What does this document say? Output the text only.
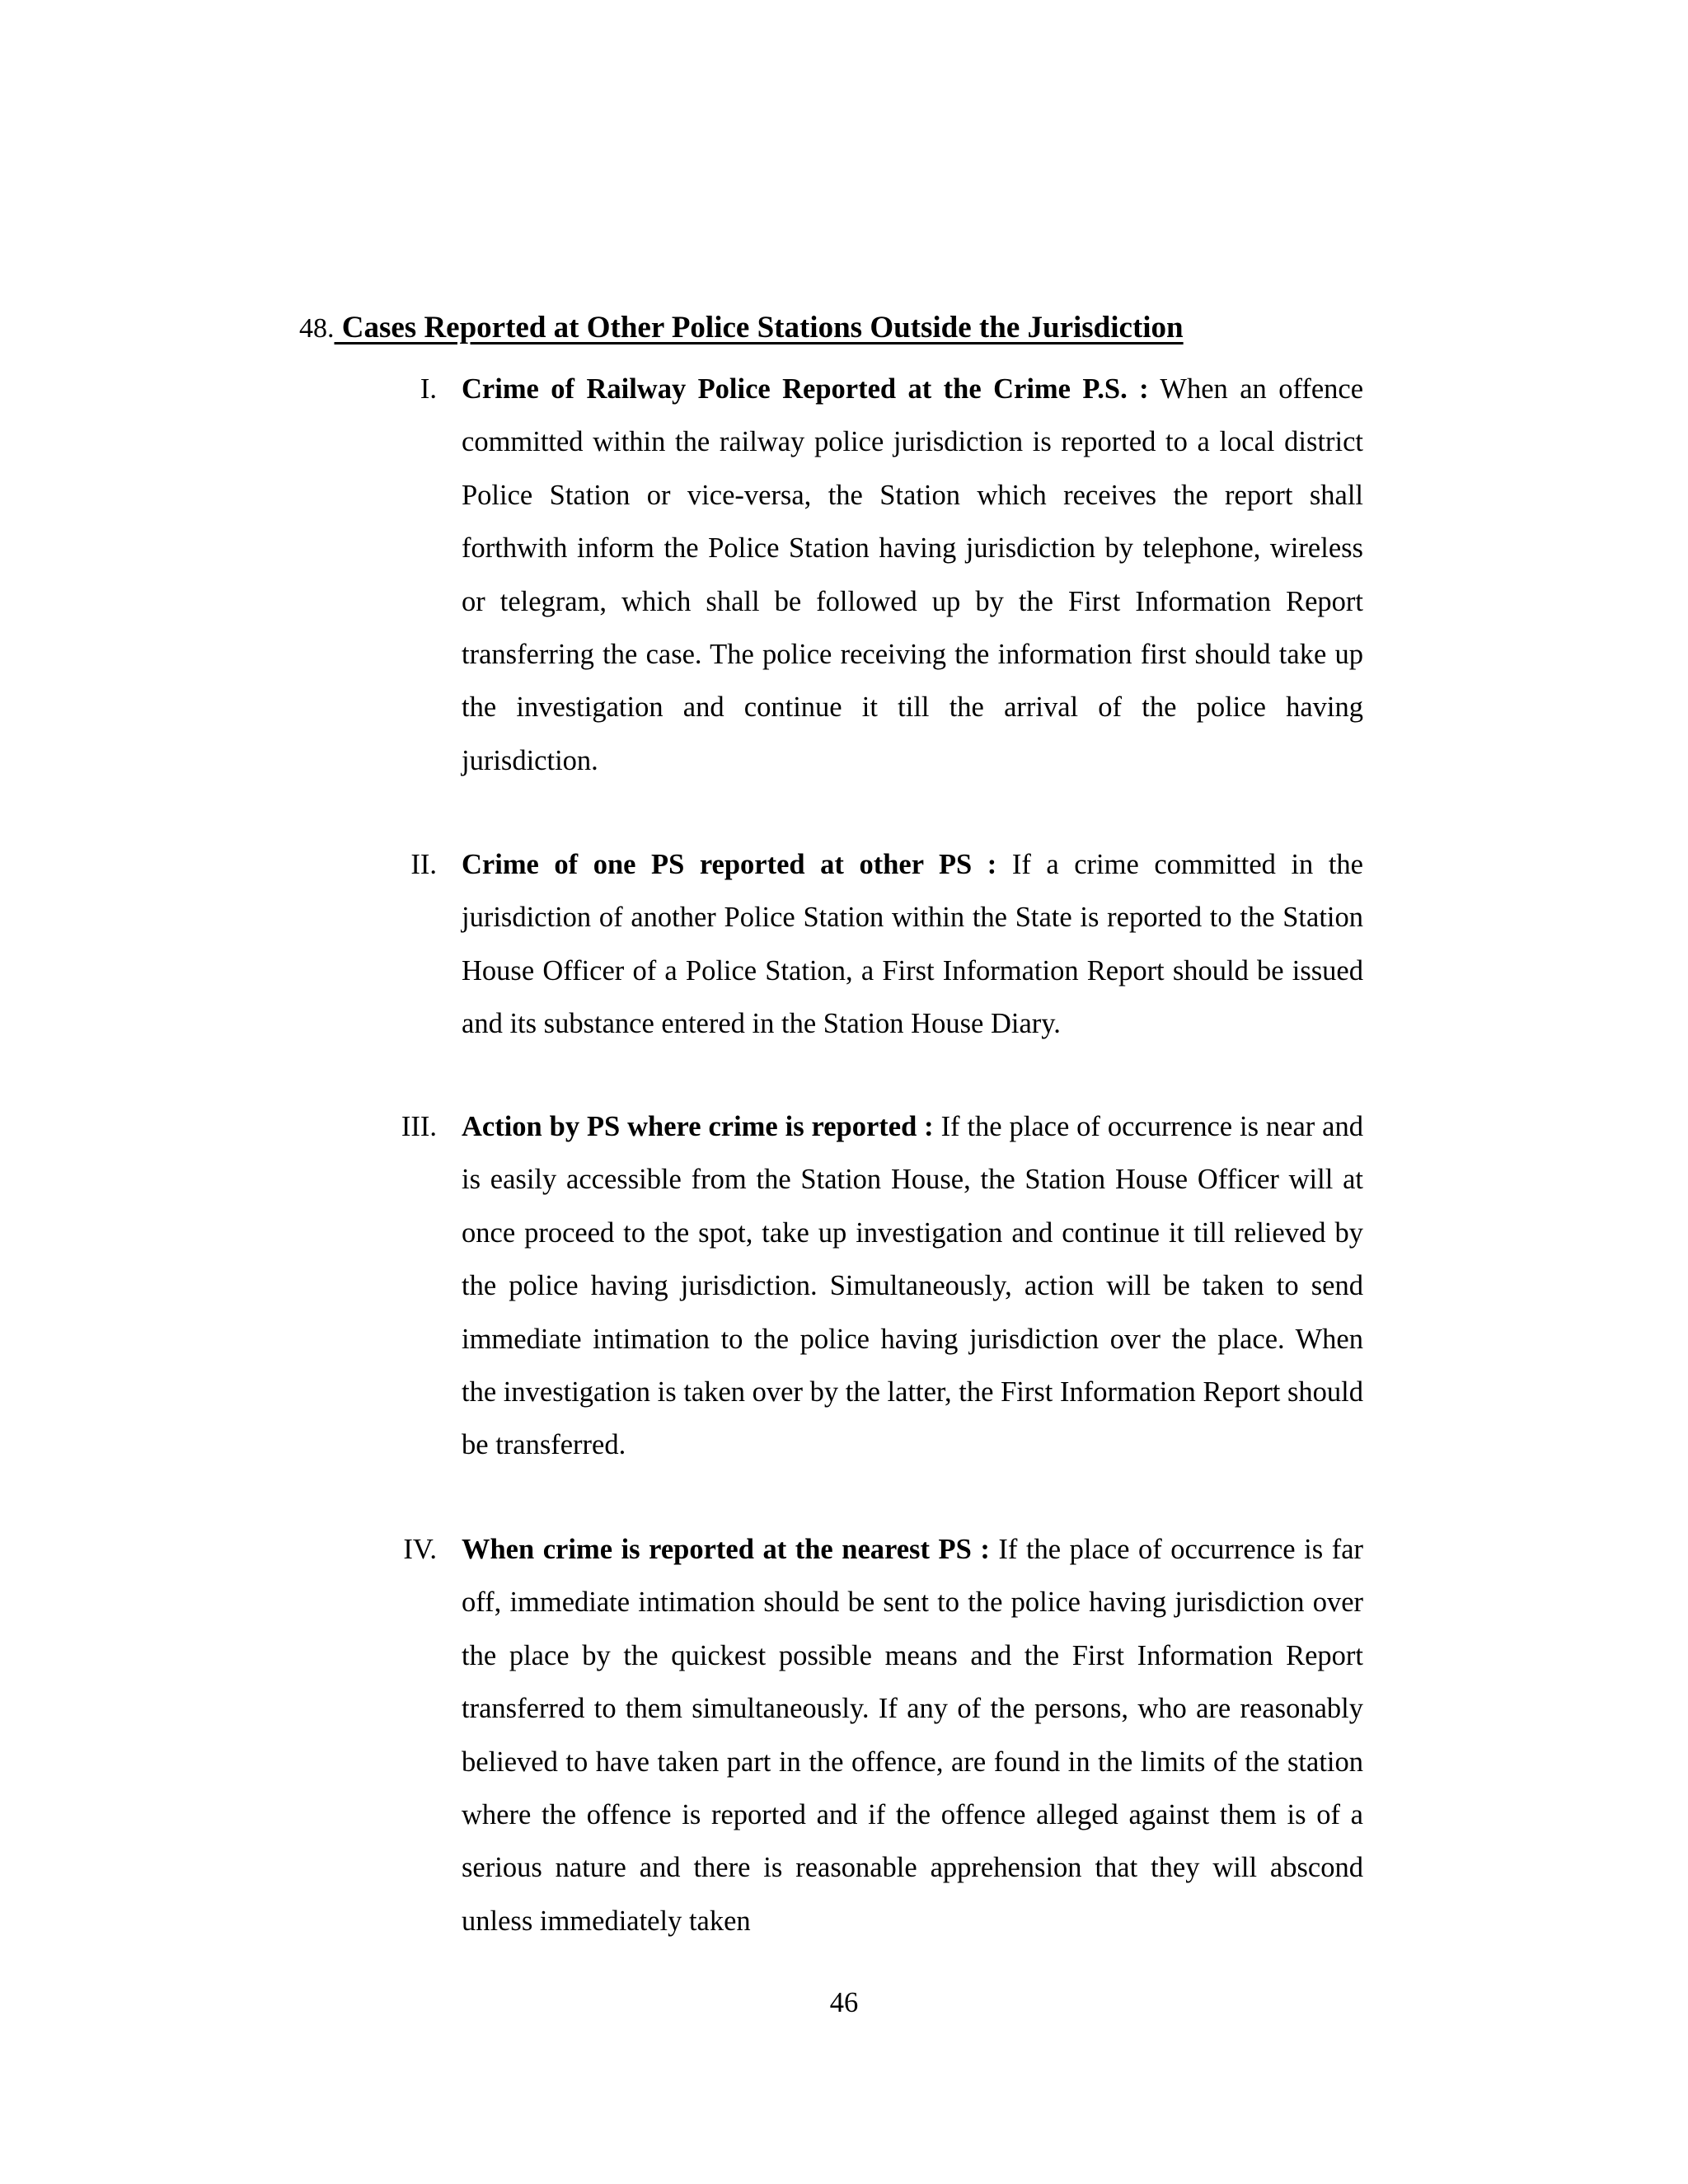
48. Cases Reported at Other Police Stations Outside the Jurisdiction
I. Crime of Railway Police Reported at the Crime P.S. : When an offence committed within the railway police jurisdiction is reported to a local district Police Station or vice-versa, the Station which receives the report shall forthwith inform the Police Station having jurisdiction by telephone, wireless or telegram, which shall be followed up by the First Information Report transferring the case. The police receiving the information first should take up the investigation and continue it till the arrival of the police having jurisdiction.
II. Crime of one PS reported at other PS : If a crime committed in the jurisdiction of another Police Station within the State is reported to the Station House Officer of a Police Station, a First Information Report should be issued and its substance entered in the Station House Diary.
III. Action by PS where crime is reported : If the place of occurrence is near and is easily accessible from the Station House, the Station House Officer will at once proceed to the spot, take up investigation and continue it till relieved by the police having jurisdiction. Simultaneously, action will be taken to send immediate intimation to the police having jurisdiction over the place. When the investigation is taken over by the latter, the First Information Report should be transferred.
IV. When crime is reported at the nearest PS : If the place of occurrence is far off, immediate intimation should be sent to the police having jurisdiction over the place by the quickest possible means and the First Information Report transferred to them simultaneously. If any of the persons, who are reasonably believed to have taken part in the offence, are found in the limits of the station where the offence is reported and if the offence alleged against them is of a serious nature and there is reasonable apprehension that they will abscond unless immediately taken
46
